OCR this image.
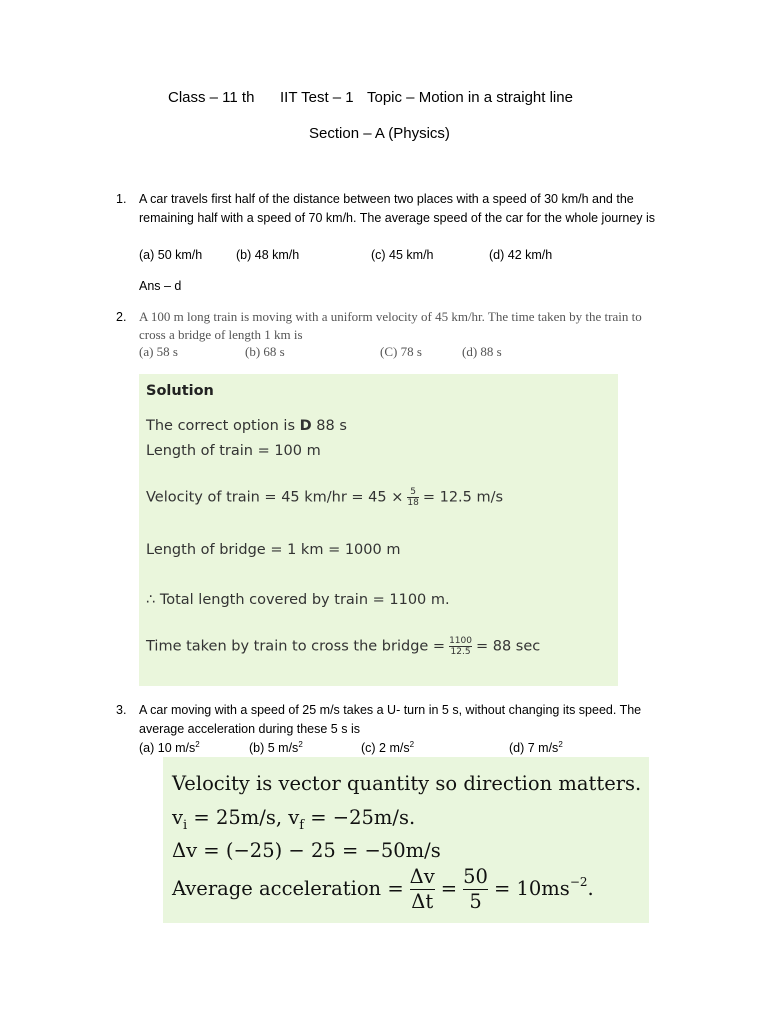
Class – 11 th IIT Test – 1 Topic – Motion in a straight line
Section – A (Physics)
1. A car travels first half of the distance between two places with a speed of 30 km/h and the remaining half with a speed of 70 km/h. The average speed of the car for the whole journey is
(a) 50 km/h	(b) 48 km/h	(c) 45 km/h	(d) 42 km/h
Ans – d
2. A 100 m long train is moving with a uniform velocity of 45 km/hr. The time taken by the train to cross a bridge of length 1 km is
(a) 58 s	(b) 68 s	(C) 78 s	(d) 88 s
Solution
The correct option is D 88 s
Length of train = 100 m
Velocity of train = 45 $km/hr = 45 \times \frac{5}{18} = 12.5$ m/s
Length of bridge = 1 km = 1000 m
∴ Total length covered by train = 1100 m.
Time taken by train to cross the bridge = $\frac{1100}{12.5} = 88$ sec
3. A car moving with a speed of 25 m/s takes a U- turn in 5 s, without changing its speed. The average acceleration during these 5 s is
(a) 10 $m/s^2$	(b) 5 $m/s^2$	(c) 2 $m/s^2$	(d) 7 $m/s^2$
Velocity is vector quantity so direction matters.
$v_i = 25m/s$, $v_f = -25m/s$.
Δv = (−25) − 25 = −50m/s
Average acceleration = $\frac{\Delta v}{\Delta t} = \frac{50}{5} = 10ms^{-2}$.
